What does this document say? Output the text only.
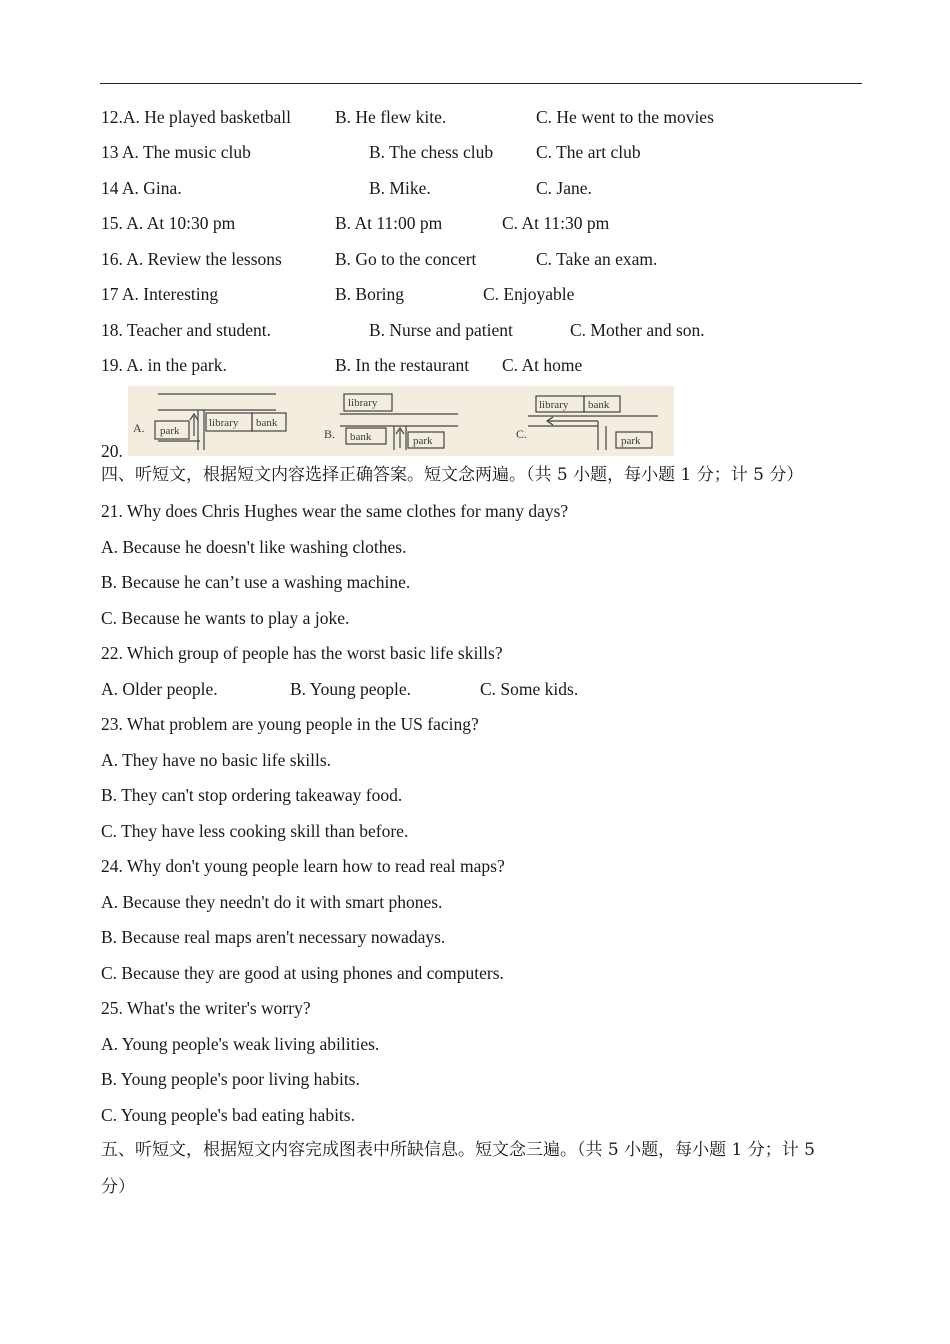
12.A. He played basketball	B. He flew kite.	C. He went to the movies
13 A. The music club	B. The chess club C. The art club
14 A. Gina.	B. Mike.	C. Jane.
15. A. At 10:30 pm	B. At 11:00 pm	C. At 11:30 pm
16. A. Review the lessons	B. Go to the concert	C. Take an exam.
17 A. Interesting	B. Boring	C. Enjoyable
18. Teacher and student.	B. Nurse and patient	C. Mother and son.
19. A. in the park.	B. In the restaurant C. At home
A. park
library bank
B.
library
bank	park	C.
library bank
park
20.
四、听短文，根据短文内容选择正确答案。短文念两遍。（共 5 小题，每小题 1 分；计 5 分）
21. Why does Chris Hughes wear the same clothes for many days?
A. Because he doesn't like washing clothes.
B. Because he can’t use a washing machine.
C. Because he wants to play a joke.
22. Which group of people has the worst basic life skills?
A. Older people.	B. Young people.	C. Some kids.
23. What problem are young people in the US facing?
A. They have no basic life skills.
B. They can't stop ordering takeaway food.
C. They have less cooking skill than before.
24. Why don't young people learn how to read real maps?
A. Because they needn't do it with smart phones.
B. Because real maps aren't necessary nowadays.
C. Because they are good at using phones and computers.
25. What's the writer's worry?
A. Young people's weak living abilities.
B. Young people's poor living habits.
C. Young people's bad eating habits.
五、听短文，根据短文内容完成图表中所缺信息。短文念三遍。（共 5 小题，每小题 1 分；计 5
分）
